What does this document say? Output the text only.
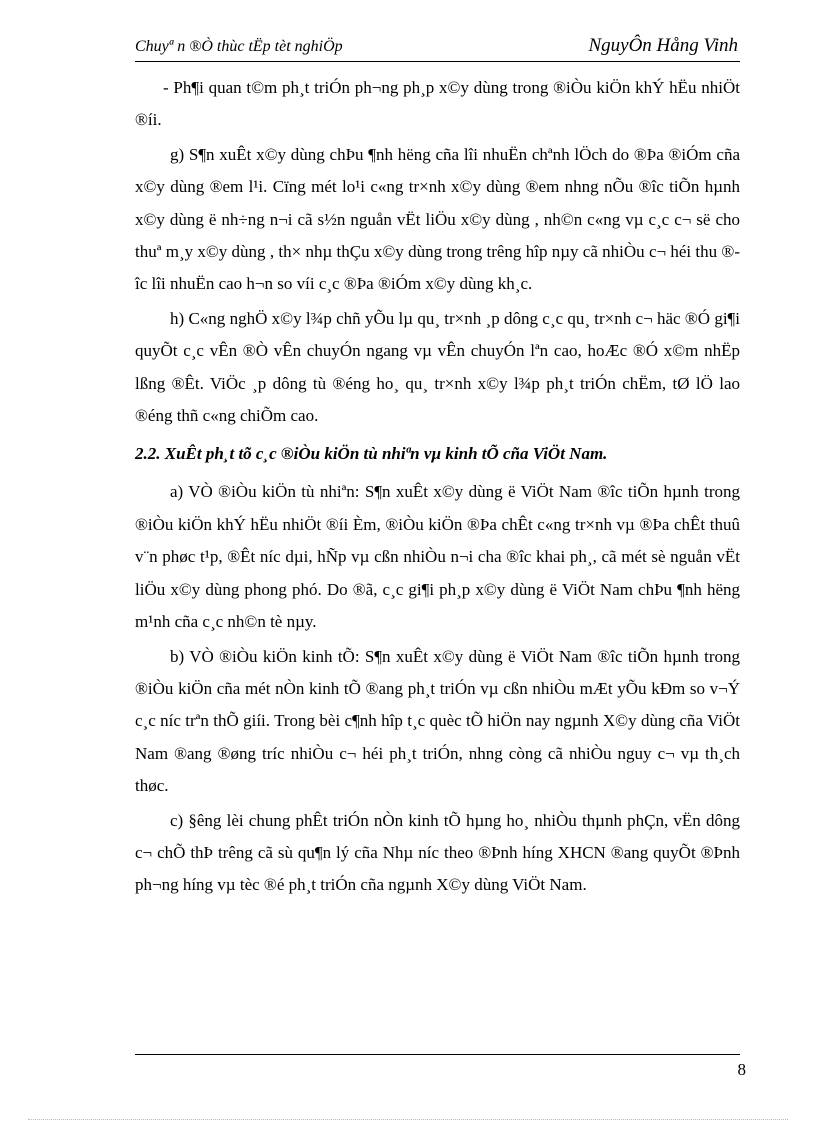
Chuyª n ®Ò thùc tËp tèt nghiÖp	NguyÔn Hång Vinh

- Ph¶i quan t©m ph¸t triÓn ph¬ng ph¸p x©y dùng trong ®iÒu kiÖn khÝ hËu nhiÖt ®íi.

g) S¶n xuÊt x©y dùng chÞu ¶nh hëng cña lîi nhuËn chªnh lÖch do ®Þa ®iÓm cña x©y dùng ®em l¹i. Cïng mét lo¹i c«ng tr×nh x©y dùng ®em nhng nÕu ®îc tiÕn hµnh x©y dùng ë nh÷ng n¬i cã s½n nguån vËt liÖu x©y dùng , nh©n c«ng vµ c¸c c¬ së cho thuª m¸y x©y dùng , th× nhµ thÇu x©y dùng trong trêng hîp nµy cã nhiÒu c¬ héi thu ®îc lîi nhuËn cao h¬n so víi c¸c ®Þa ®iÓm x©y dùng kh¸c.

h) C«ng nghÖ x©y l¾p chñ yÕu lµ qu¸ tr×nh ¸p dông c¸c qu¸ tr×nh c¬ häc ®Ó gi¶i quyÕt c¸c vÊn ®Ò vÊn chuyÓn ngang vµ vÊn chuyÓn lªn cao, hoÆc ®Ó x©m nhËp lßng ®Êt. ViÖc ¸p dông tù ®éng ho¸ qu¸ tr×nh x©y l¾p ph¸t triÓn chËm, tØ lÖ lao ®éng thñ c«ng chiÕm cao.

2.2. XuÊt ph¸t tõ c¸c ®iÒu kiÖn tù nhiªn vµ kinh tÕ cña ViÖt Nam.

a) VÒ ®iÒu kiÖn tù nhiªn: S¶n xuÊt x©y dùng ë ViÖt Nam ®îc tiÕn hµnh trong ®iÒu kiÖn khÝ hËu nhiÖt ®íi Èm, ®iÒu kiÖn ®Þa chÊt c«ng tr×nh vµ ®Þa chÊt thuû v¨n phøc t¹p, ®Êt níc dµi, hÑp vµ cßn nhiÒu n¬i cha ®îc khai ph¸, cã mét sè nguån vËt liÖu x©y dùng phong phó. Do ®ã, c¸c gi¶i ph¸p x©y dùng ë ViÖt Nam chÞu ¶nh hëng m¹nh cña c¸c nh©n tè nµy.

b) VÒ ®iÒu kiÖn kinh tÕ: S¶n xuÊt x©y dùng ë ViÖt Nam ®îc tiÕn hµnh trong ®iÒu kiÖn cña mét nÒn kinh tÕ ®ang ph¸t triÓn vµ cßn nhiÒu mÆt yÕu kÐm so v¬Ý c¸c níc trªn thÕ giíi. Trong bèi c¶nh hîp t¸c quèc tÕ hiÖn nay ngµnh X©y dùng cña ViÖt Nam ®ang ®øng tríc nhiÒu c¬ héi ph¸t triÓn, nhng còng cã nhiÒu nguy c¬ vµ th¸ch thøc.

c) §êng lèi chung phÊt triÓn nÒn kinh tÕ hµng ho¸ nhiÒu thµnh phÇn, vËn dông c¬ chÕ thÞ trêng cã sù qu¶n lý cña Nhµ níc theo ®Þnh híng XHCN ®ang quyÕt ®Þnh ph¬ng híng vµ tèc ®é ph¸t triÓn cña ngµnh X©y dùng ViÖt Nam.

8
